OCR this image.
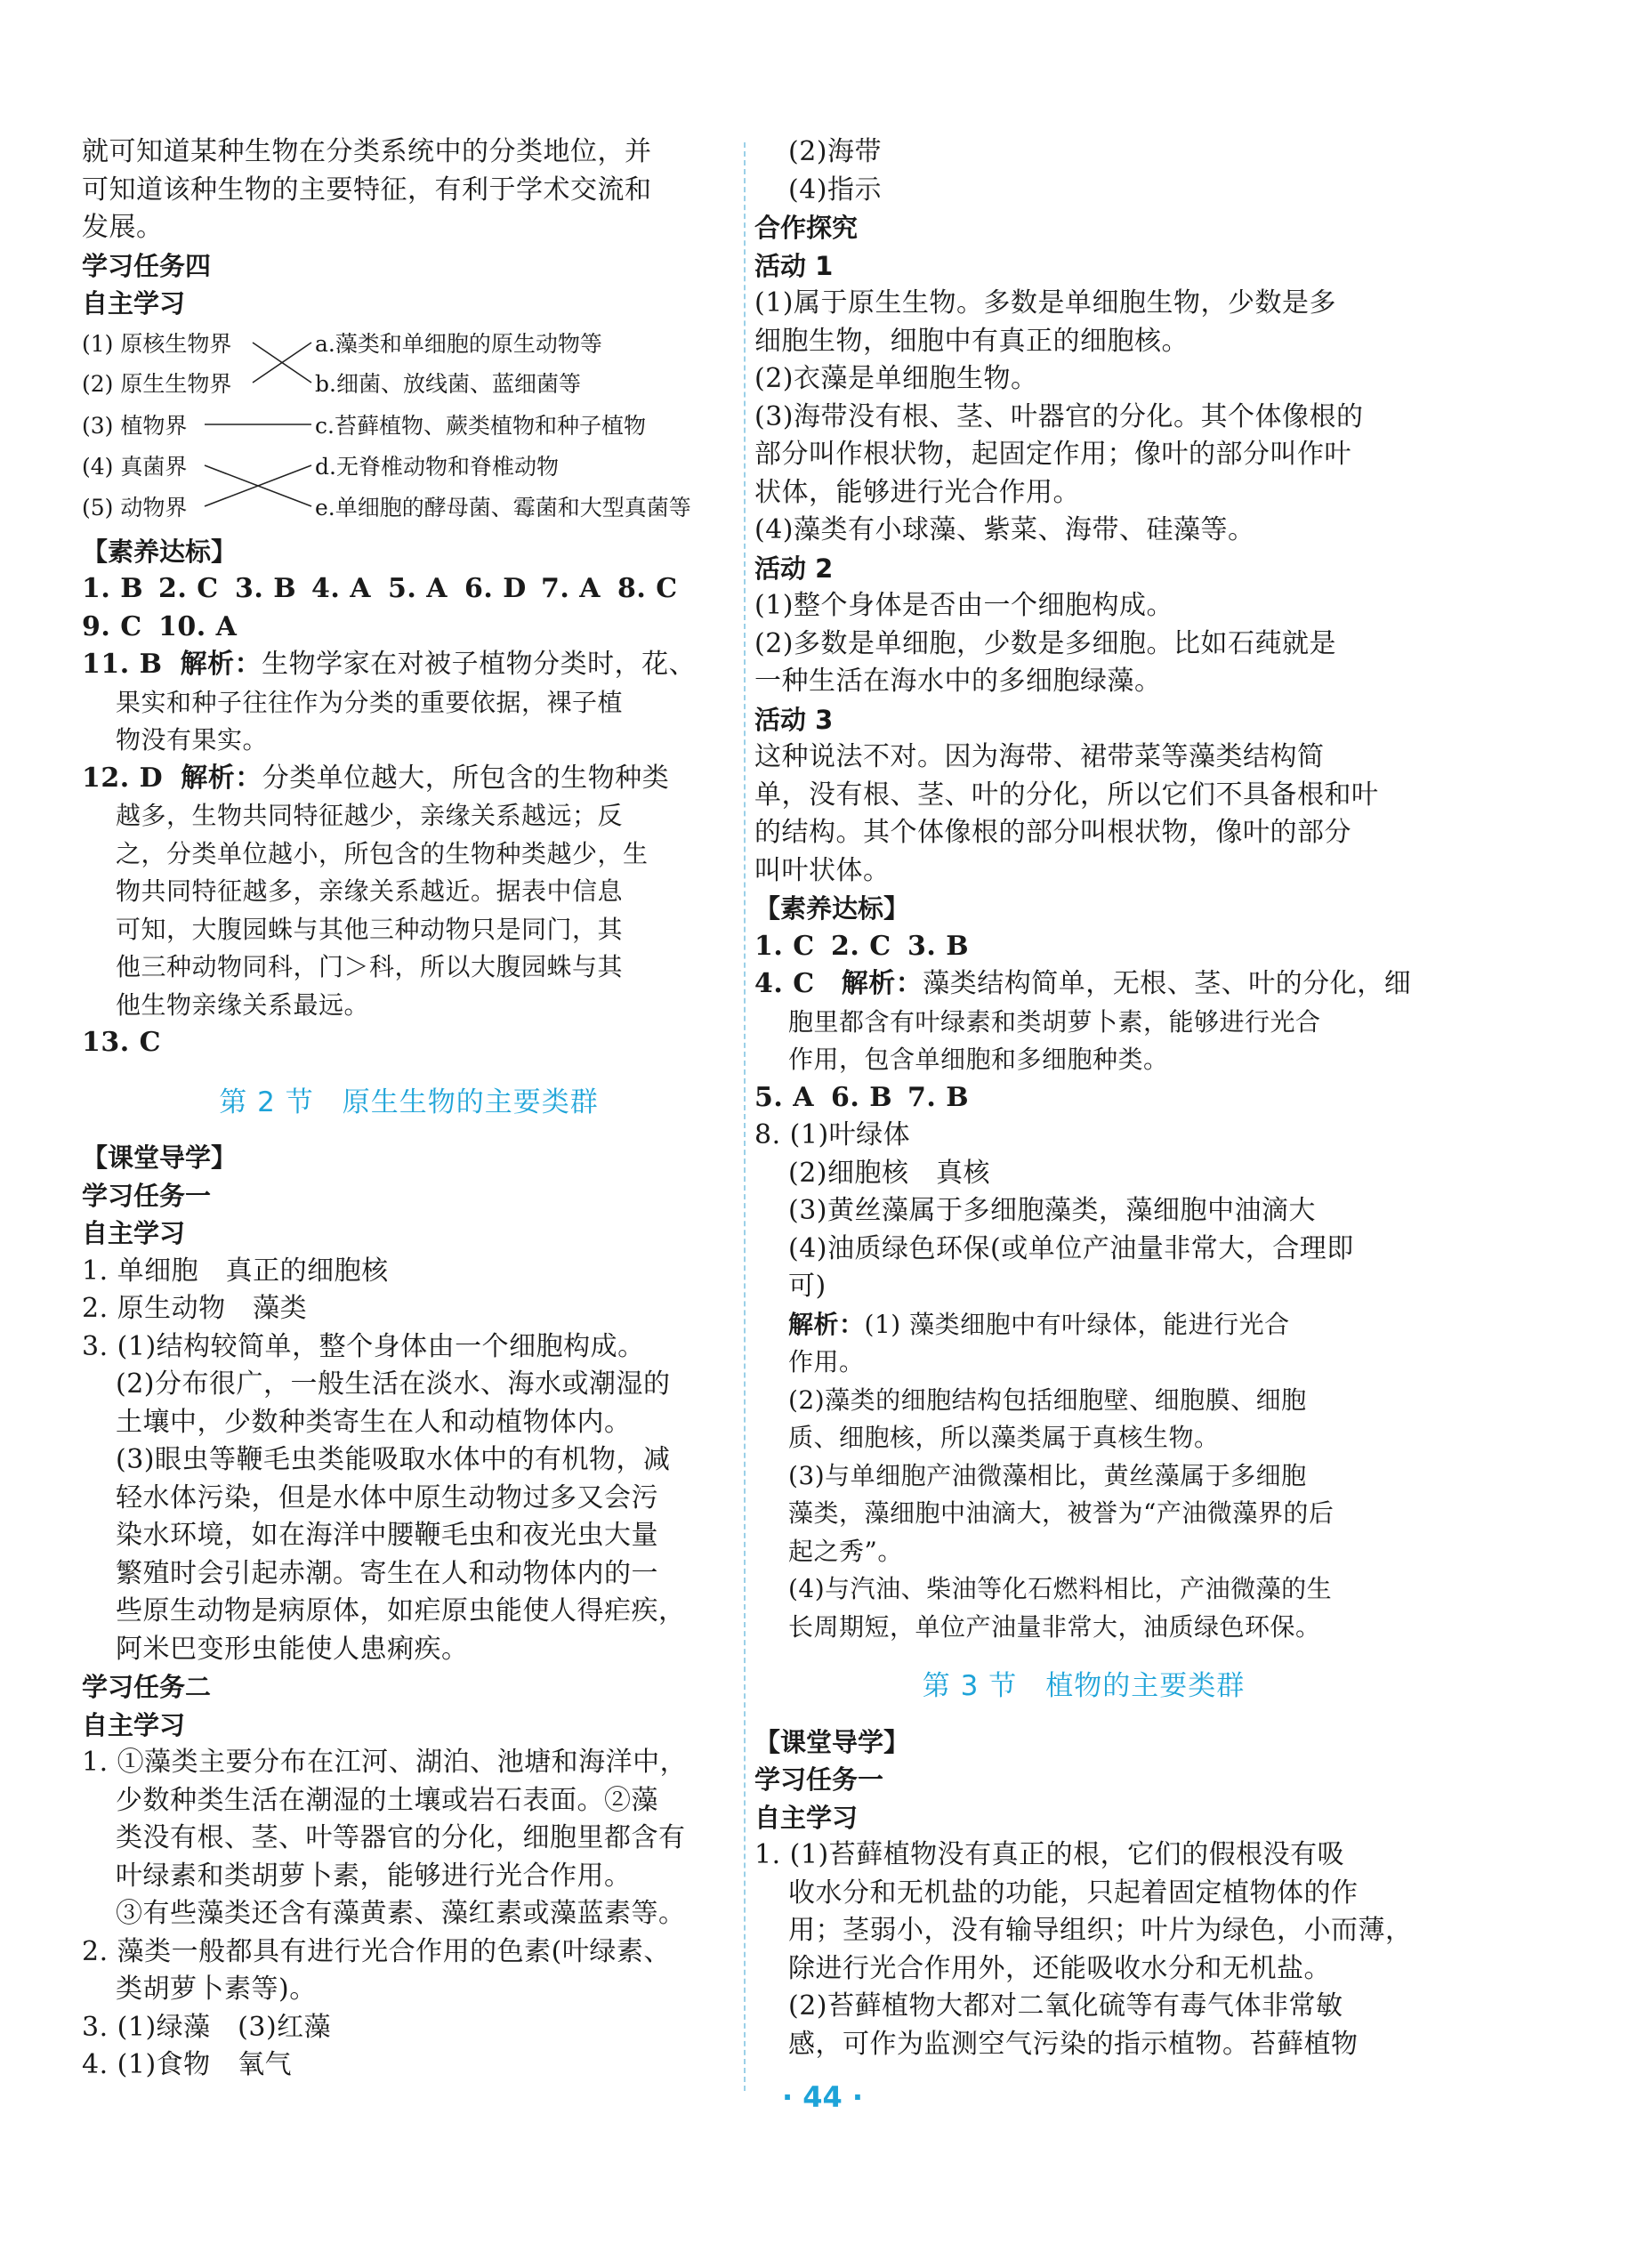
就可知道某种生物在分类系统中的分类地位，并

可知道该种生物的主要特征，有利于学术交流和

发展。

学习任务四

自主学习

(1) 原核生物界
(2) 原生生物界
(3) 植物界
(4) 真菌界
(5) 动物界
a.藻类和单细胞的原生动物等
b.细菌、放线菌、蓝细菌等
c.苔藓植物、蕨类植物和种子植物
d.无脊椎动物和脊椎动物
e.单细胞的酵母菌、霉菌和大型真菌等

【素养达标】

1. B 2. C 3. B 4. A 5. A 6. D 7. A 8. C

9. C 10. A

11. B 解析：生物学家在对被子植物分类时，花、

果实和种子往往作为分类的重要依据，裸子植

物没有果实。

12. D 解析：分类单位越大，所包含的生物种类

越多，生物共同特征越少，亲缘关系越远；反

之，分类单位越小，所包含的生物种类越少，生

物共同特征越多，亲缘关系越近。据表中信息

可知，大腹园蛛与其他三种动物只是同门，其

他三种动物同科，门＞科，所以大腹园蛛与其

他生物亲缘关系最远。

13. C

第 2 节　原生生物的主要类群

【课堂导学】

学习任务一

自主学习

1. 单细胞　真正的细胞核

2. 原生动物　藻类

3. (1)结构较简单，整个身体由一个细胞构成。

(2)分布很广，一般生活在淡水、海水或潮湿的

土壤中，少数种类寄生在人和动植物体内。

(3)眼虫等鞭毛虫类能吸取水体中的有机物，减

轻水体污染，但是水体中原生动物过多又会污

染水环境，如在海洋中腰鞭毛虫和夜光虫大量

繁殖时会引起赤潮。寄生在人和动物体内的一

些原生动物是病原体，如疟原虫能使人得疟疾，

阿米巴变形虫能使人患痢疾。

学习任务二

自主学习

1. ①藻类主要分布在江河、湖泊、池塘和海洋中，

少数种类生活在潮湿的土壤或岩石表面。②藻

类没有根、茎、叶等器官的分化，细胞里都含有

叶绿素和类胡萝卜素，能够进行光合作用。

③有些藻类还含有藻黄素、藻红素或藻蓝素等。

2. 藻类一般都具有进行光合作用的色素(叶绿素、

类胡萝卜素等)。

3. (1)绿藻　(3)红藻

4. (1)食物　氧气

(2)海带

(4)指示

合作探究

活动 1

(1)属于原生生物。多数是单细胞生物，少数是多

细胞生物，细胞中有真正的细胞核。

(2)衣藻是单细胞生物。

(3)海带没有根、茎、叶器官的分化。其个体像根的

部分叫作根状物，起固定作用；像叶的部分叫作叶

状体，能够进行光合作用。

(4)藻类有小球藻、紫菜、海带、硅藻等。

活动 2

(1)整个身体是否由一个细胞构成。

(2)多数是单细胞，少数是多细胞。比如石莼就是

一种生活在海水中的多细胞绿藻。

活动 3

这种说法不对。因为海带、裙带菜等藻类结构简

单，没有根、茎、叶的分化，所以它们不具备根和叶

的结构。其个体像根的部分叫根状物，像叶的部分

叫叶状体。

【素养达标】

1. C 2. C 3. B

4. C 解析：藻类结构简单，无根、茎、叶的分化，细

胞里都含有叶绿素和类胡萝卜素，能够进行光合

作用，包含单细胞和多细胞种类。

5. A 6. B 7. B

8. (1)叶绿体

(2)细胞核　真核

(3)黄丝藻属于多细胞藻类，藻细胞中油滴大

(4)油质绿色环保(或单位产油量非常大，合理即

可)

解析：(1) 藻类细胞中有叶绿体，能进行光合

作用。

(2)藻类的细胞结构包括细胞壁、细胞膜、细胞

质、细胞核，所以藻类属于真核生物。

(3)与单细胞产油微藻相比，黄丝藻属于多细胞

藻类，藻细胞中油滴大，被誉为“产油微藻界的后

起之秀”。

(4)与汽油、柴油等化石燃料相比，产油微藻的生

长周期短，单位产油量非常大，油质绿色环保。

第 3 节　植物的主要类群

【课堂导学】

学习任务一

自主学习

1. (1)苔藓植物没有真正的根，它们的假根没有吸

收水分和无机盐的功能，只起着固定植物体的作

用；茎弱小，没有输导组织；叶片为绿色，小而薄，

除进行光合作用外，还能吸收水分和无机盐。

(2)苔藓植物大都对二氧化硫等有毒气体非常敏

感，可作为监测空气污染的指示植物。苔藓植物

· 44 ·
